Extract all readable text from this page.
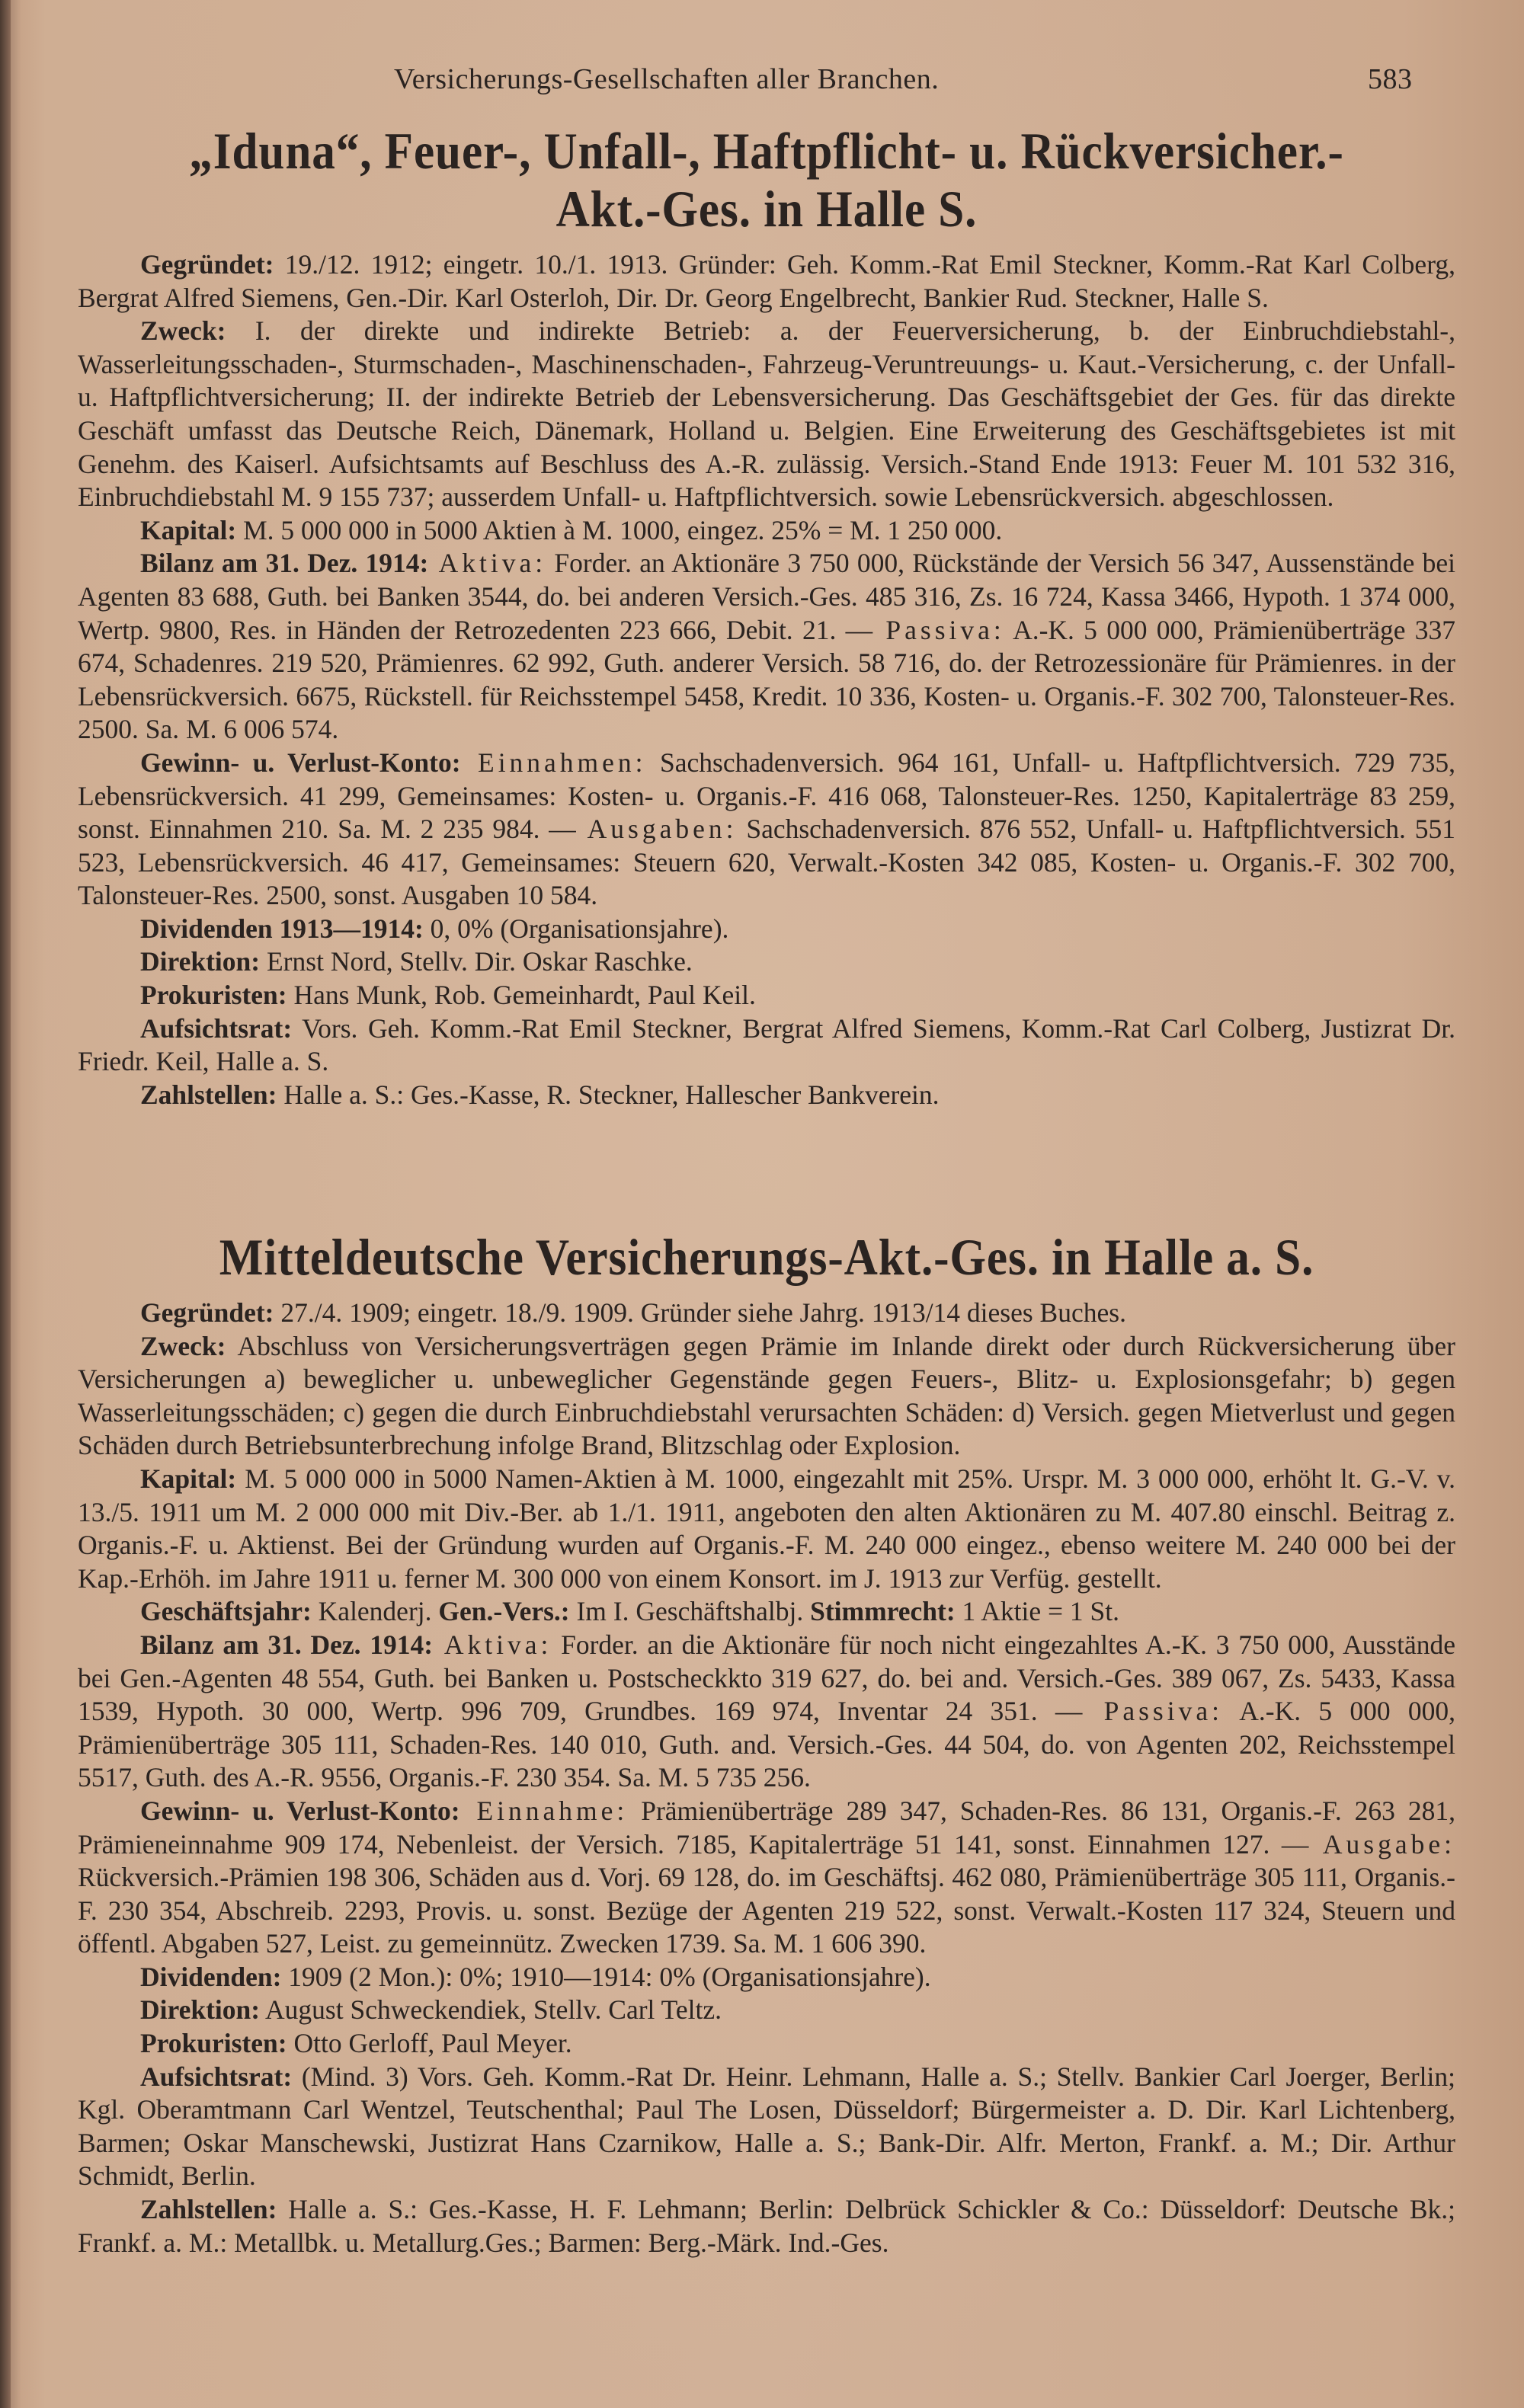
Versicherungs-Gesellschaften aller Branchen.	583
„Iduna“, Feuer-, Unfall-, Haftpflicht- u. Rückversicher.-
Akt.-Ges. in Halle S.

Gegründet: 19./12. 1912; eingetr. 10./1. 1913. Gründer: Geh. Komm.-Rat Emil Steckner, Komm.-Rat Karl Colberg, Bergrat Alfred Siemens, Gen.-Dir. Karl Osterloh, Dir. Dr. Georg Engelbrecht, Bankier Rud. Steckner, Halle S.

Zweck: I. der direkte und indirekte Betrieb: a. der Feuerversicherung, b. der Einbruchdiebstahl-, Wasserleitungsschaden-, Sturmschaden-, Maschinenschaden-, Fahrzeug-Veruntreuungs- u. Kaut.-Versicherung, c. der Unfall- u. Haftpflichtversicherung; II. der indirekte Betrieb der Lebensversicherung. Das Geschäftsgebiet der Ges. für das direkte Geschäft umfasst das Deutsche Reich, Dänemark, Holland u. Belgien. Eine Erweiterung des Geschäftsgebietes ist mit Genehm. des Kaiserl. Aufsichtsamts auf Beschluss des A.-R. zulässig. Versich.-Stand Ende 1913: Feuer M. 101 532 316, Einbruchdiebstahl M. 9 155 737; ausserdem Unfall- u. Haftpflichtversich. sowie Lebensrückversich. abgeschlossen.

Kapital: M. 5 000 000 in 5000 Aktien à M. 1000, eingez. 25% = M. 1 250 000.

Bilanz am 31. Dez. 1914: Aktiva: Forder. an Aktionäre 3 750 000, Rückstände der Versich 56 347, Aussenstände bei Agenten 83 688, Guth. bei Banken 3544, do. bei anderen Versich.-Ges. 485 316, Zs. 16 724, Kassa 3466, Hypoth. 1 374 000, Wertp. 9800, Res. in Händen der Retrozedenten 223 666, Debit. 21. — Passiva: A.-K. 5 000 000, Prämienüberträge 337 674, Schadenres. 219 520, Prämienres. 62 992, Guth. anderer Versich. 58 716, do. der Retrozessionäre für Prämienres. in der Lebensrückversich. 6675, Rückstell. für Reichsstempel 5458, Kredit. 10 336, Kosten- u. Organis.-F. 302 700, Talonsteuer-Res. 2500. Sa. M. 6 006 574.

Gewinn- u. Verlust-Konto: Einnahmen: Sachschadenversich. 964 161, Unfall- u. Haftpflichtversich. 729 735, Lebensrückversich. 41 299, Gemeinsames: Kosten- u. Organis.-F. 416 068, Talonsteuer-Res. 1250, Kapitalerträge 83 259, sonst. Einnahmen 210. Sa. M. 2 235 984. — Ausgaben: Sachschadenversich. 876 552, Unfall- u. Haftpflichtversich. 551 523, Lebensrückversich. 46 417, Gemeinsames: Steuern 620, Verwalt.-Kosten 342 085, Kosten- u. Organis.-F. 302 700, Talonsteuer-Res. 2500, sonst. Ausgaben 10 584.

Dividenden 1913—1914: 0, 0% (Organisationsjahre).

Direktion: Ernst Nord, Stellv. Dir. Oskar Raschke.

Prokuristen: Hans Munk, Rob. Gemeinhardt, Paul Keil.

Aufsichtsrat: Vors. Geh. Komm.-Rat Emil Steckner, Bergrat Alfred Siemens, Komm.-Rat Carl Colberg, Justizrat Dr. Friedr. Keil, Halle a. S.

Zahlstellen: Halle a. S.: Ges.-Kasse, R. Steckner, Hallescher Bankverein.

Mitteldeutsche Versicherungs-Akt.-Ges. in Halle a. S.

Gegründet: 27./4. 1909; eingetr. 18./9. 1909. Gründer siehe Jahrg. 1913/14 dieses Buches.

Zweck: Abschluss von Versicherungsverträgen gegen Prämie im Inlande direkt oder durch Rückversicherung über Versicherungen a) beweglicher u. unbeweglicher Gegenstände gegen Feuers-, Blitz- u. Explosionsgefahr; b) gegen Wasserleitungsschäden; c) gegen die durch Einbruchdiebstahl verursachten Schäden: d) Versich. gegen Mietverlust und gegen Schäden durch Betriebsunterbrechung infolge Brand, Blitzschlag oder Explosion.

Kapital: M. 5 000 000 in 5000 Namen-Aktien à M. 1000, eingezahlt mit 25%. Urspr. M. 3 000 000, erhöht lt. G.-V. v. 13./5. 1911 um M. 2 000 000 mit Div.-Ber. ab 1./1. 1911, angeboten den alten Aktionären zu M. 407.80 einschl. Beitrag z. Organis.-F. u. Aktienst. Bei der Gründung wurden auf Organis.-F. M. 240 000 eingez., ebenso weitere M. 240 000 bei der Kap.-Erhöh. im Jahre 1911 u. ferner M. 300 000 von einem Konsort. im J. 1913 zur Verfüg. gestellt.

Geschäftsjahr: Kalenderj. Gen.-Vers.: Im I. Geschäftshalbj. Stimmrecht: 1 Aktie = 1 St.

Bilanz am 31. Dez. 1914: Aktiva: Forder. an die Aktionäre für noch nicht eingezahltes A.-K. 3 750 000, Ausstände bei Gen.-Agenten 48 554, Guth. bei Banken u. Postscheckkto 319 627, do. bei and. Versich.-Ges. 389 067, Zs. 5433, Kassa 1539, Hypoth. 30 000, Wertp. 996 709, Grundbes. 169 974, Inventar 24 351. — Passiva: A.-K. 5 000 000, Prämienüberträge 305 111, Schaden-Res. 140 010, Guth. and. Versich.-Ges. 44 504, do. von Agenten 202, Reichsstempel 5517, Guth. des A.-R. 9556, Organis.-F. 230 354. Sa. M. 5 735 256.

Gewinn- u. Verlust-Konto: Einnahme: Prämienüberträge 289 347, Schaden-Res. 86 131, Organis.-F. 263 281, Prämieneinnahme 909 174, Nebenleist. der Versich. 7185, Kapitalerträge 51 141, sonst. Einnahmen 127. — Ausgabe: Rückversich.-Prämien 198 306, Schäden aus d. Vorj. 69 128, do. im Geschäftsj. 462 080, Prämienüberträge 305 111, Organis.-F. 230 354, Abschreib. 2293, Provis. u. sonst. Bezüge der Agenten 219 522, sonst. Verwalt.-Kosten 117 324, Steuern und öffentl. Abgaben 527, Leist. zu gemeinnütz. Zwecken 1739. Sa. M. 1 606 390.

Dividenden: 1909 (2 Mon.): 0%; 1910—1914: 0% (Organisationsjahre).

Direktion: August Schweckendiek, Stellv. Carl Teltz.

Prokuristen: Otto Gerloff, Paul Meyer.

Aufsichtsrat: (Mind. 3) Vors. Geh. Komm.-Rat Dr. Heinr. Lehmann, Halle a. S.; Stellv. Bankier Carl Joerger, Berlin; Kgl. Oberamtmann Carl Wentzel, Teutschenthal; Paul The Losen, Düsseldorf; Bürgermeister a. D. Dir. Karl Lichtenberg, Barmen; Oskar Manschewski, Justizrat Hans Czarnikow, Halle a. S.; Bank-Dir. Alfr. Merton, Frankf. a. M.; Dir. Arthur Schmidt, Berlin.

Zahlstellen: Halle a. S.: Ges.-Kasse, H. F. Lehmann; Berlin: Delbrück Schickler & Co.: Düsseldorf: Deutsche Bk.; Frankf. a. M.: Metallbk. u. Metallurg.Ges.; Barmen: Berg.-Märk. Ind.-Ges.
